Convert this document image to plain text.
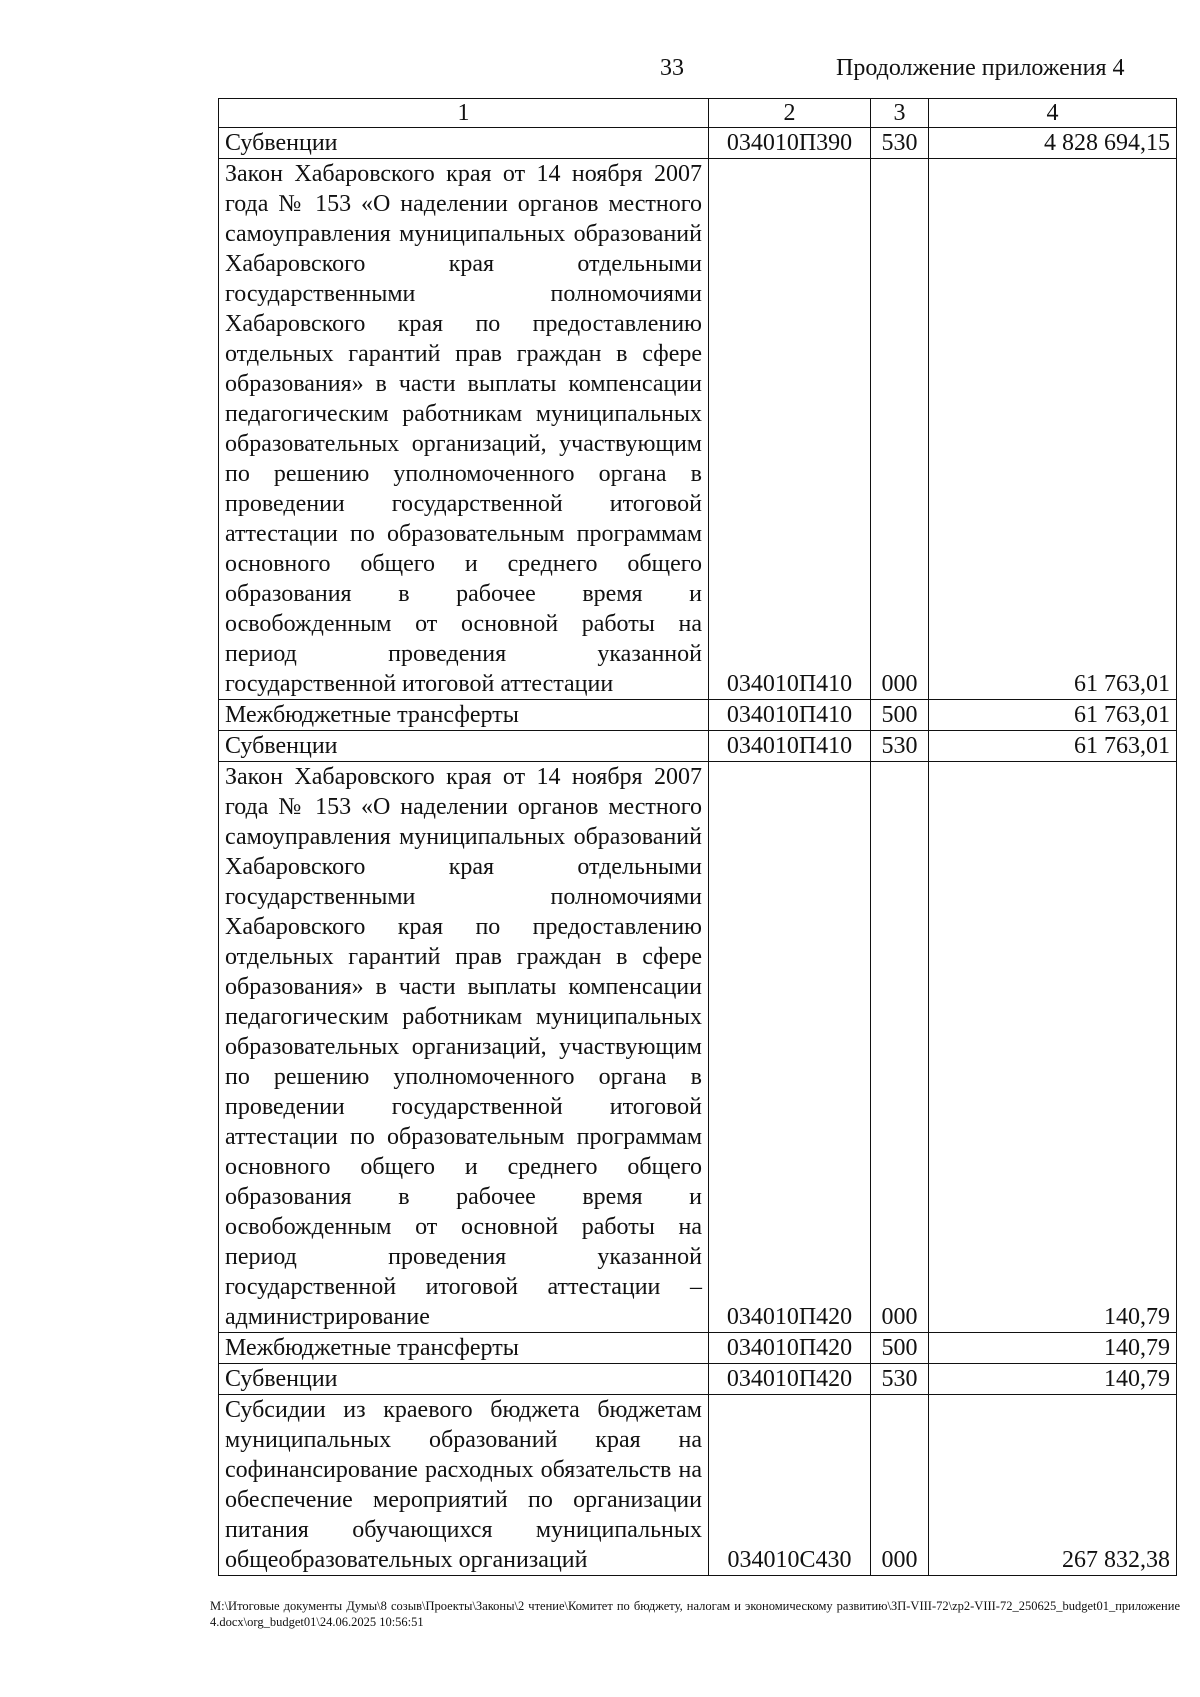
33	Продолжение приложения 4
1	2	3	4
Субвенции	034010П390	530	4 828 694,15
Закон Хабаровского края от 14 ноября 2007 года № 153 «О наделении органов местного самоуправления муниципальных образований Хабаровского края отдельными государственными полномочиями Хабаровского края по предоставлению отдельных гарантий прав граждан в сфере образования» в части выплаты компенсации педагогическим работникам муниципальных образовательных организаций, участвующим по решению уполномоченного органа в проведении государственной итоговой аттестации по образовательным программам основного общего и среднего общего образования в рабочее время и освобожденным от основной работы на период проведения указанной государственной итоговой аттестации	034010П410	000	61 763,01
Межбюджетные трансферты	034010П410	500	61 763,01
Субвенции	034010П410	530	61 763,01
Закон Хабаровского края от 14 ноября 2007 года № 153 «О наделении органов местного самоуправления муниципальных образований Хабаровского края отдельными государственными полномочиями Хабаровского края по предоставлению отдельных гарантий прав граждан в сфере образования» в части выплаты компенсации педагогическим работникам муниципальных образовательных организаций, участвующим по решению уполномоченного органа в проведении государственной итоговой аттестации по образовательным программам основного общего и среднего общего образования в рабочее время и освобожденным от основной работы на период проведения указанной государственной итоговой аттестации – администрирование	034010П420	000	140,79
Межбюджетные трансферты	034010П420	500	140,79
Субвенции	034010П420	530	140,79
Субсидии из краевого бюджета бюджетам муниципальных образований края на софинансирование расходных обязательств на обеспечение мероприятий по организации питания обучающихся муниципальных общеобразовательных организаций	034010С430	000	267 832,38
M:\Итоговые документы Думы\8 созыв\Проекты\Законы\2 чтение\Комитет по бюджету, налогам и экономическому развитию\ЗП-VIII-72\zp2-VIII-72_250625_budget01_приложение4.docx\org_budget01\24.06.2025 10:56:51
